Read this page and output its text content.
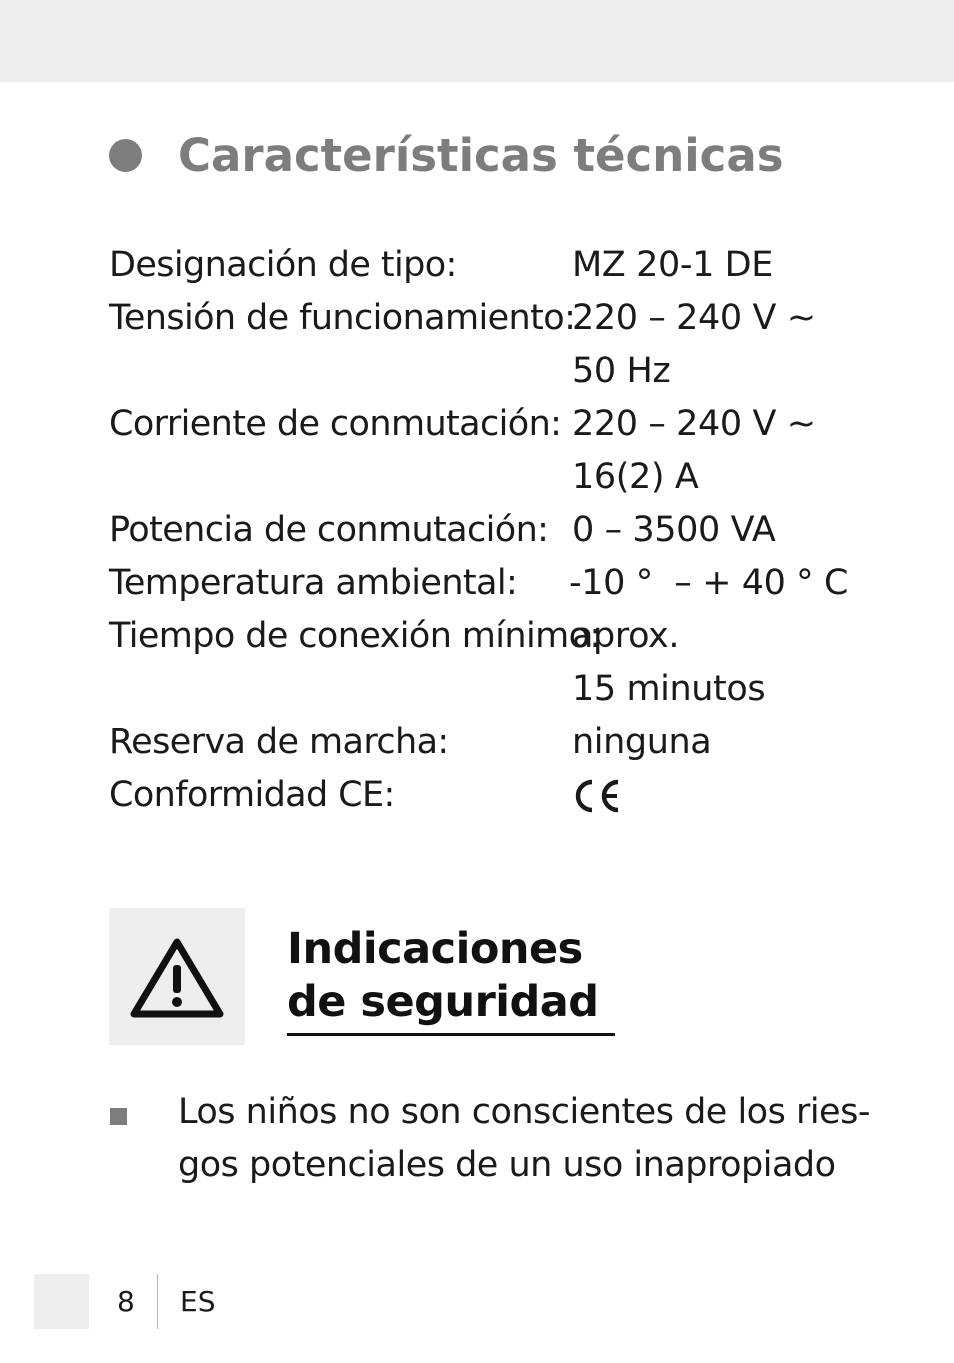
Características técnicas
Designación de tipo:	MZ 20-1 DE
Tensión de funcionamiento:
220 – 240 V ~
50 Hz
Corriente de conmutación: 220 – 240 V ~
16(2) A
Potencia de conmutación: 0 – 3500 VA
Temperatura ambiental:	-10 °  – + 40 ° C
Tiempo de conexión mínimo:
aprox.
15 minutos
Reserva de marcha:	ninguna
Conformidad CE:
Indicaciones
de seguridad
Los niños no son conscientes de los ries-
gos potenciales de un uso inapropiado
8 ES
